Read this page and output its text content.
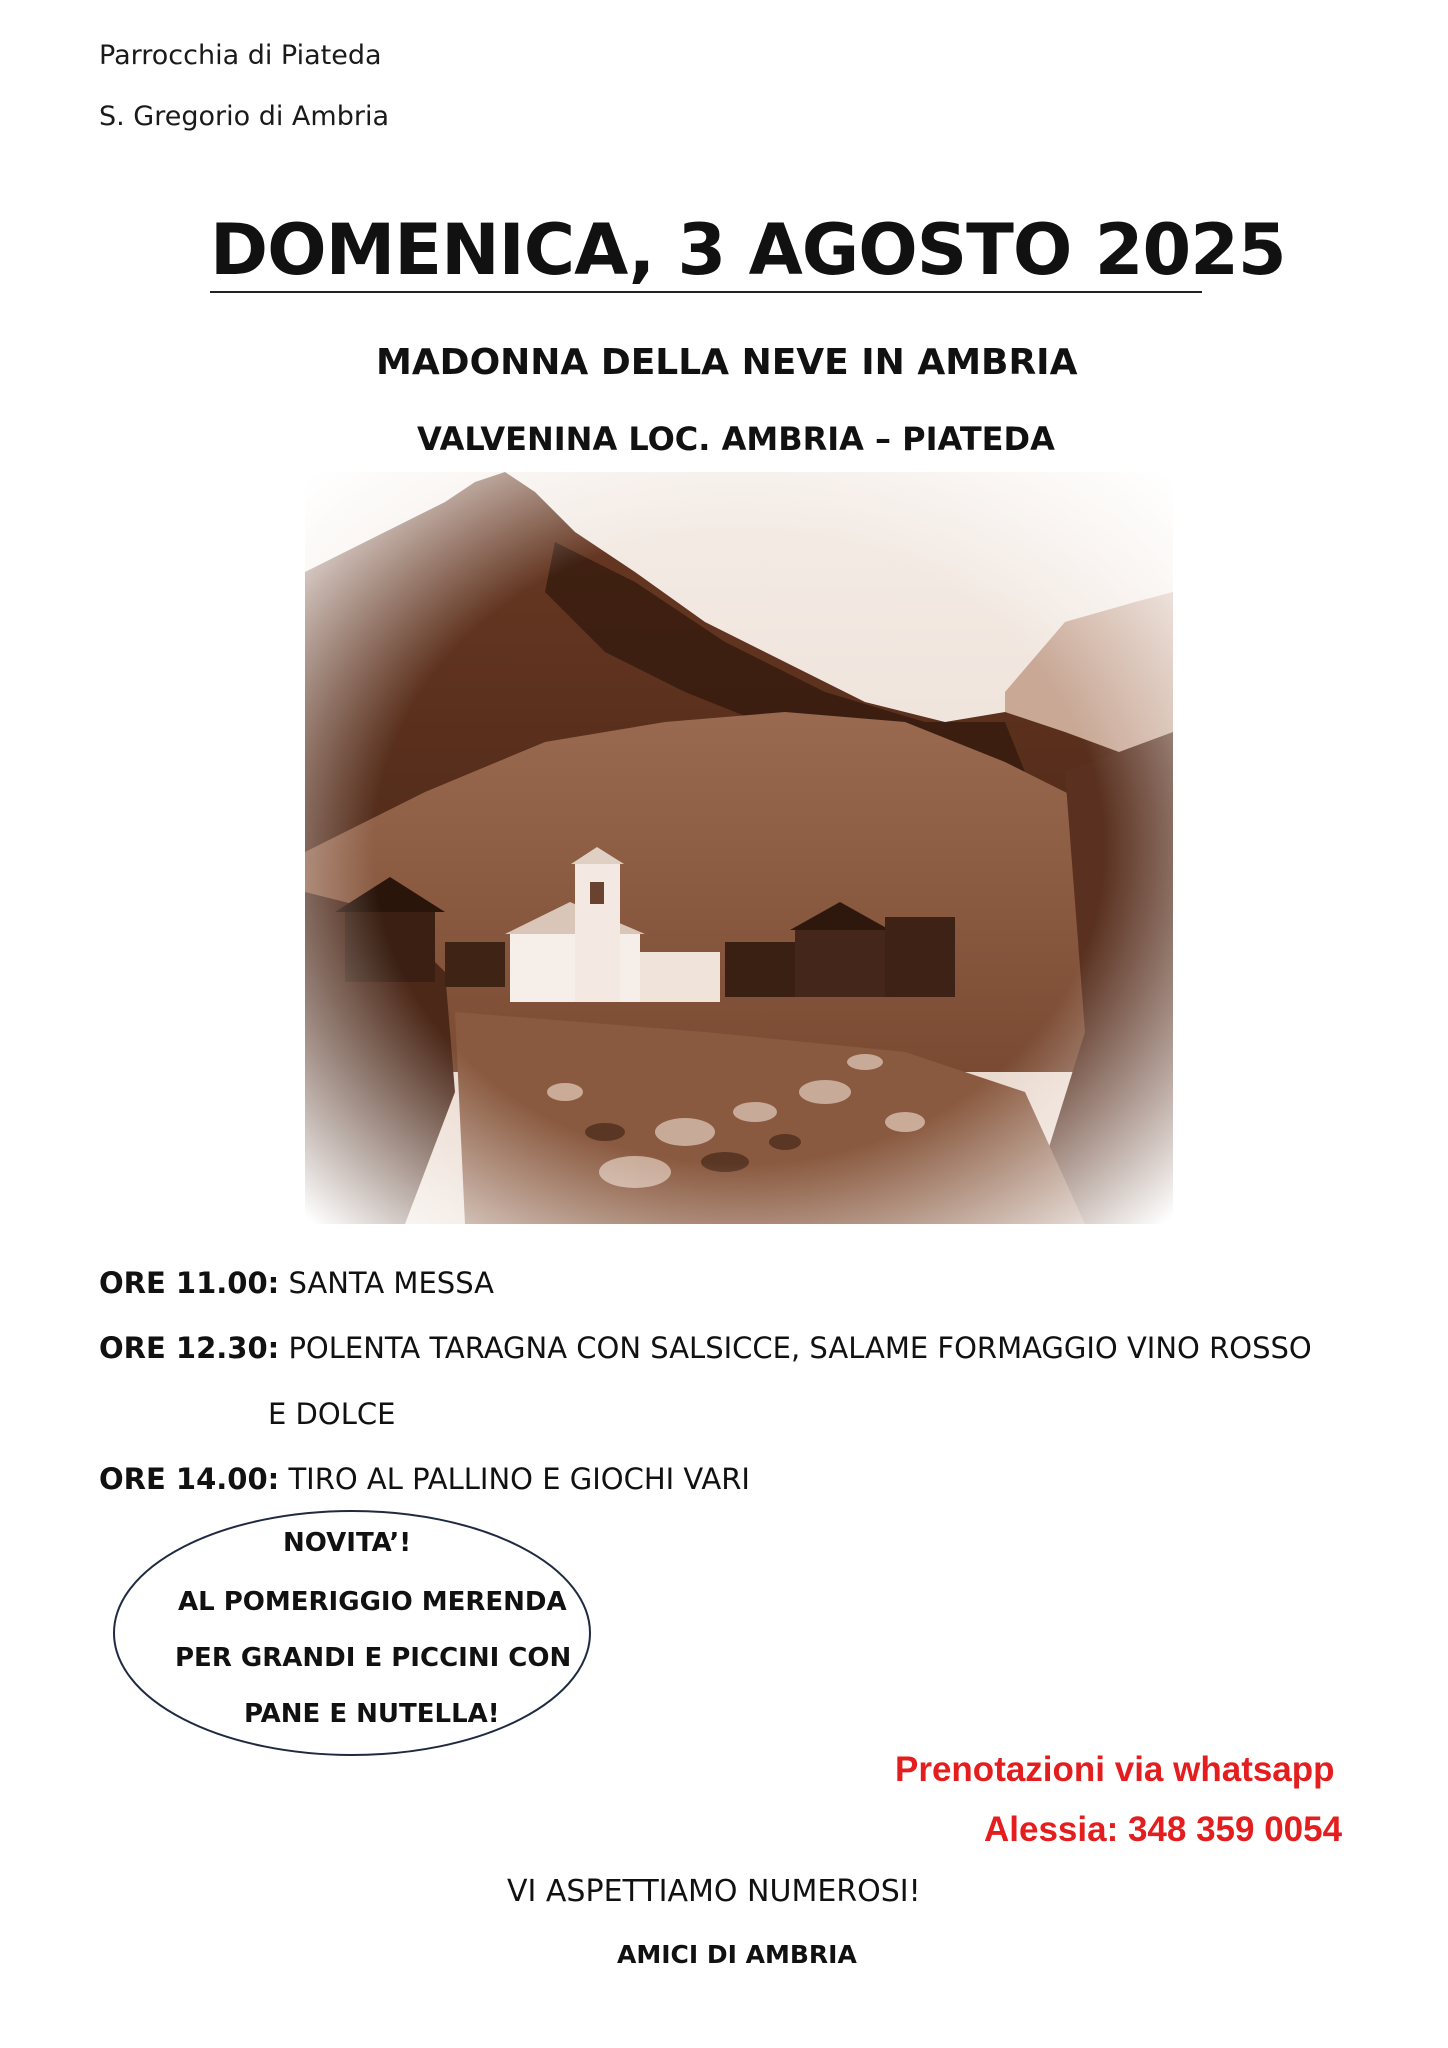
Parrocchia di Piateda
S. Gregorio di Ambria
DOMENICA, 3 AGOSTO 2025
MADONNA DELLA NEVE IN AMBRIA
VALVENINA LOC. AMBRIA – PIATEDA
ORE 11.00: SANTA MESSA
ORE 12.30: POLENTA TARAGNA CON SALSICCE, SALAME FORMAGGIO VINO ROSSO
E DOLCE
ORE 14.00: TIRO AL PALLINO E GIOCHI VARI
NOVITA’!
AL POMERIGGIO MERENDA
PER GRANDI E PICCINI CON
PANE E NUTELLA!
Prenotazioni via whatsapp
Alessia: 348 359 0054
VI ASPETTIAMO NUMEROSI!
AMICI DI AMBRIA
